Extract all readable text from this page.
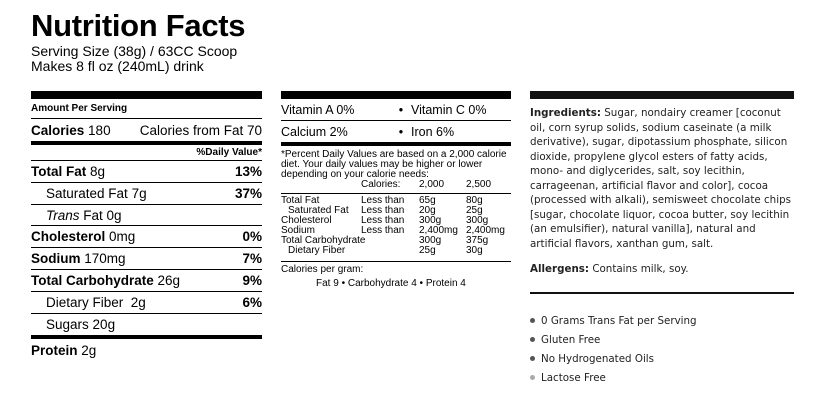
Nutrition Facts
Serving Size (38g) / 63CC Scoop
Makes 8 fl oz (240mL) drink
Amount Per Serving
Calories 180 Calories from Fat 70
%Daily Value*
Total Fat 8g	13%
Saturated Fat 7g	37%
Trans Fat 0g
Cholesterol 0mg	0%
Sodium 170mg	7%
Total Carbohydrate 26g	9%
Dietary Fiber 2g	6%
Sugars 20g
Protein 2g
Vitamin A 0%	• Vitamin C 0%
Calcium 2%	• Iron 6%
*Percent Daily Values are based on a 2,000 calorie diet. Your daily values may be higher or lower depending on your calorie needs:
	Calories:	2,000	2,500

Total Fat	Less than	65g	80g
Saturated Fat	Less than	20g	25g
Cholesterol	Less than	300g	300g
Sodium	Less than	2,400mg	2,400mg
Total Carbohydrate		300g	375g
Dietary Fiber		25g	30g
Calories per gram:
Fat 9 • Carbohydrate 4 • Protein 4
Ingredients: Sugar, nondairy creamer [coconut oil, corn syrup solids, sodium caseinate (a milk derivative), sugar, dipotassium phosphate, silicon dioxide, propylene glycol esters of fatty acids, mono- and diglycerides, salt, soy lecithin, carrageenan, artificial flavor and color], cocoa (processed with alkali), semisweet chocolate chips [sugar, chocolate liquor, cocoa butter, soy lecithin (an emulsifier), natural vanilla], natural and artificial flavors, xanthan gum, salt.
Allergens: Contains milk, soy.
0 Grams Trans Fat per Serving
Gluten Free
No Hydrogenated Oils
Lactose Free
